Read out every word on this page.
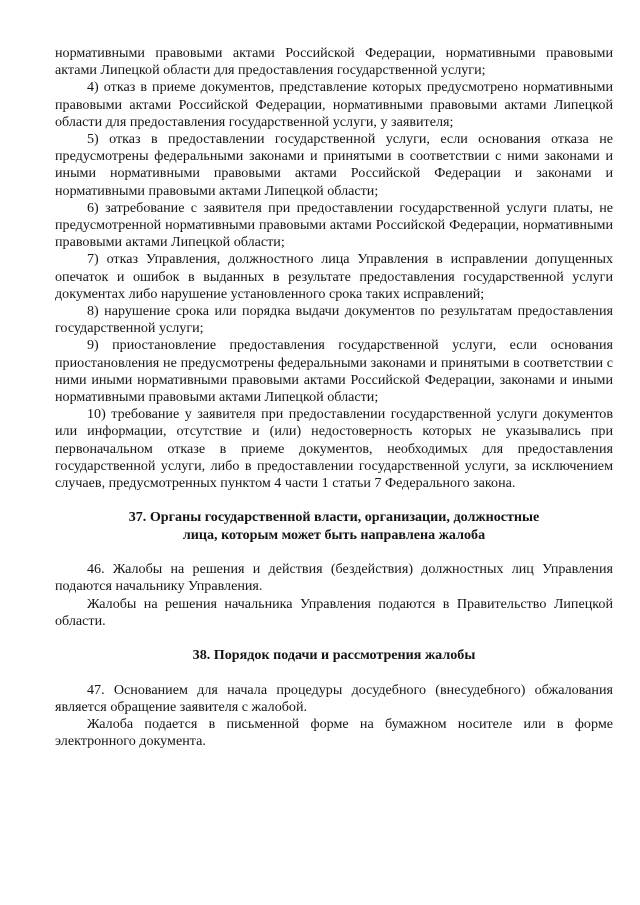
нормативными правовыми актами Российской Федерации, нормативными правовыми актами Липецкой области для предоставления государственной услуги;

4) отказ в приеме документов, представление которых предусмотрено нормативными правовыми актами Российской Федерации, нормативными правовыми актами Липецкой области для предоставления государственной услуги, у заявителя;

5) отказ в предоставлении государственной услуги, если основания отказа не предусмотрены федеральными законами и принятыми в соответствии с ними законами и иными нормативными правовыми актами Российской Федерации и законами и нормативными правовыми актами Липецкой области;

6) затребование с заявителя при предоставлении государственной услуги платы, не предусмотренной нормативными правовыми актами Российской Федерации, нормативными правовыми актами Липецкой области;

7) отказ Управления, должностного лица Управления в исправлении допущенных опечаток и ошибок в выданных в результате предоставления государственной услуги документах либо нарушение установленного срока таких исправлений;

8) нарушение срока или порядка выдачи документов по результатам предоставления государственной услуги;

9) приостановление предоставления государственной услуги, если основания приостановления не предусмотрены федеральными законами и принятыми в соответствии с ними иными нормативными правовыми актами Российской Федерации, законами и иными нормативными правовыми актами Липецкой области;

10) требование у заявителя при предоставлении государственной услуги документов или информации, отсутствие и (или) недостоверность которых не указывались при первоначальном отказе в приеме документов, необходимых для предоставления государственной услуги, либо в предоставлении государственной услуги, за исключением случаев, предусмотренных пунктом 4 части 1 статьи 7 Федерального закона.

37. Органы государственной власти, организации, должностные
лица, которым может быть направлена жалоба

46. Жалобы на решения и действия (бездействия) должностных лиц Управления подаются начальнику Управления.

Жалобы на решения начальника Управления подаются в Правительство Липецкой области.

38. Порядок подачи и рассмотрения жалобы

47. Основанием для начала процедуры досудебного (внесудебного) обжалования является обращение заявителя с жалобой.

Жалоба подается в письменной форме на бумажном носителе или в форме электронного документа.
